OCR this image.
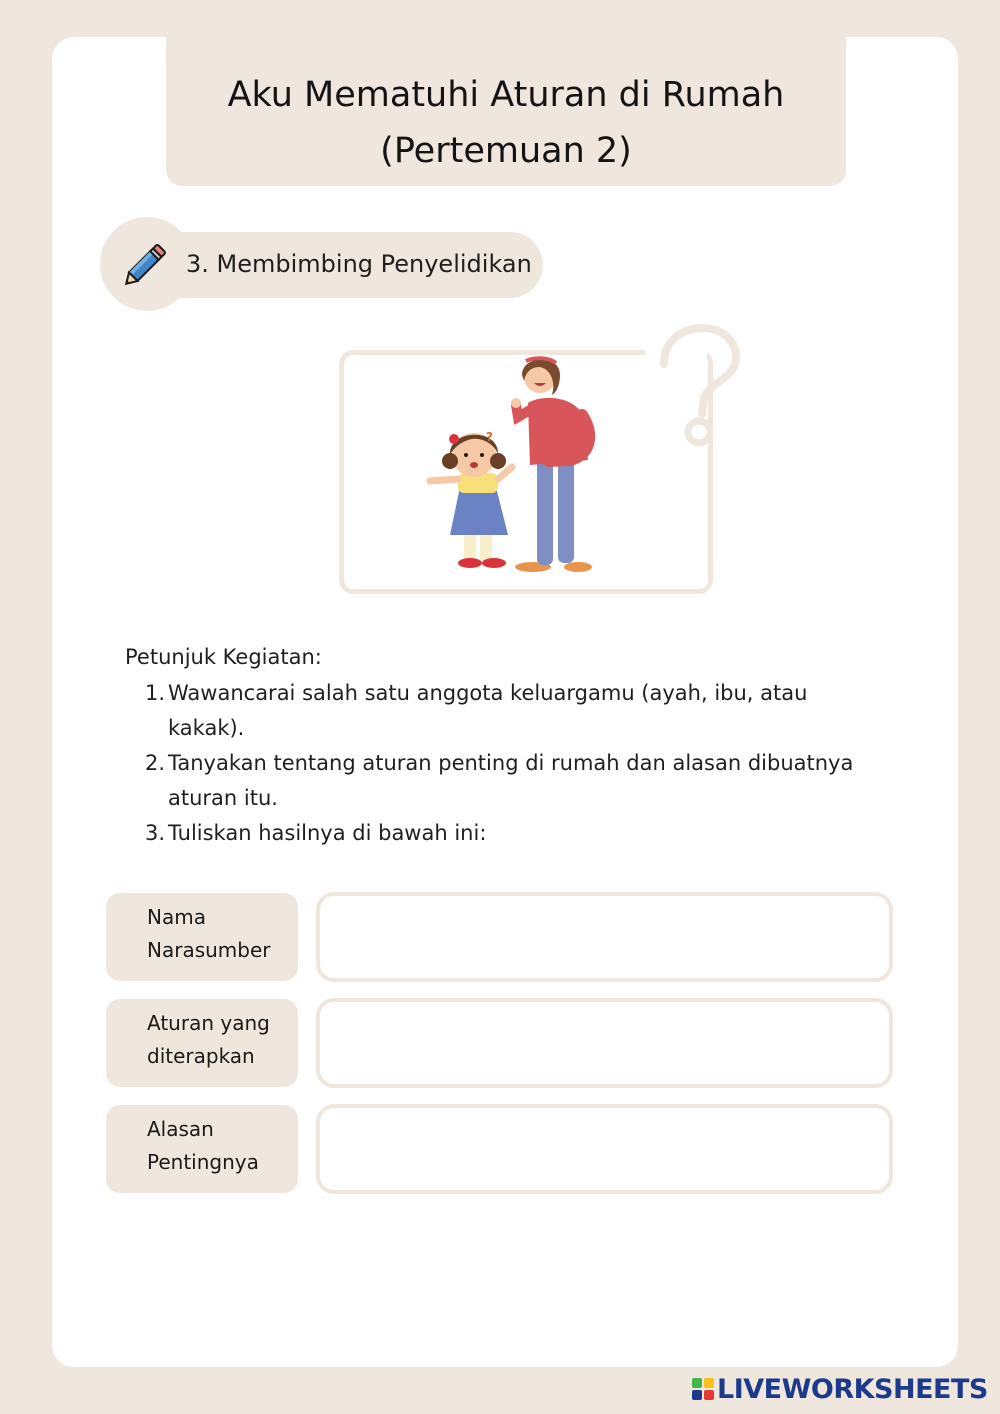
Aku Mematuhi Aturan di Rumah
(Pertemuan 2)
3. Membimbing Penyelidikan
?
Petunjuk Kegiatan:
1. Wawancarai salah satu anggota keluargamu (ayah, ibu, atau kakak).
2. Tanyakan tentang aturan penting di rumah dan alasan dibuatnya aturan itu.
3. Tuliskan hasilnya di bawah ini:
Nama
Narasumber
Aturan yang
diterapkan
Alasan
Pentingnya
LIVEWORKSHEETS
